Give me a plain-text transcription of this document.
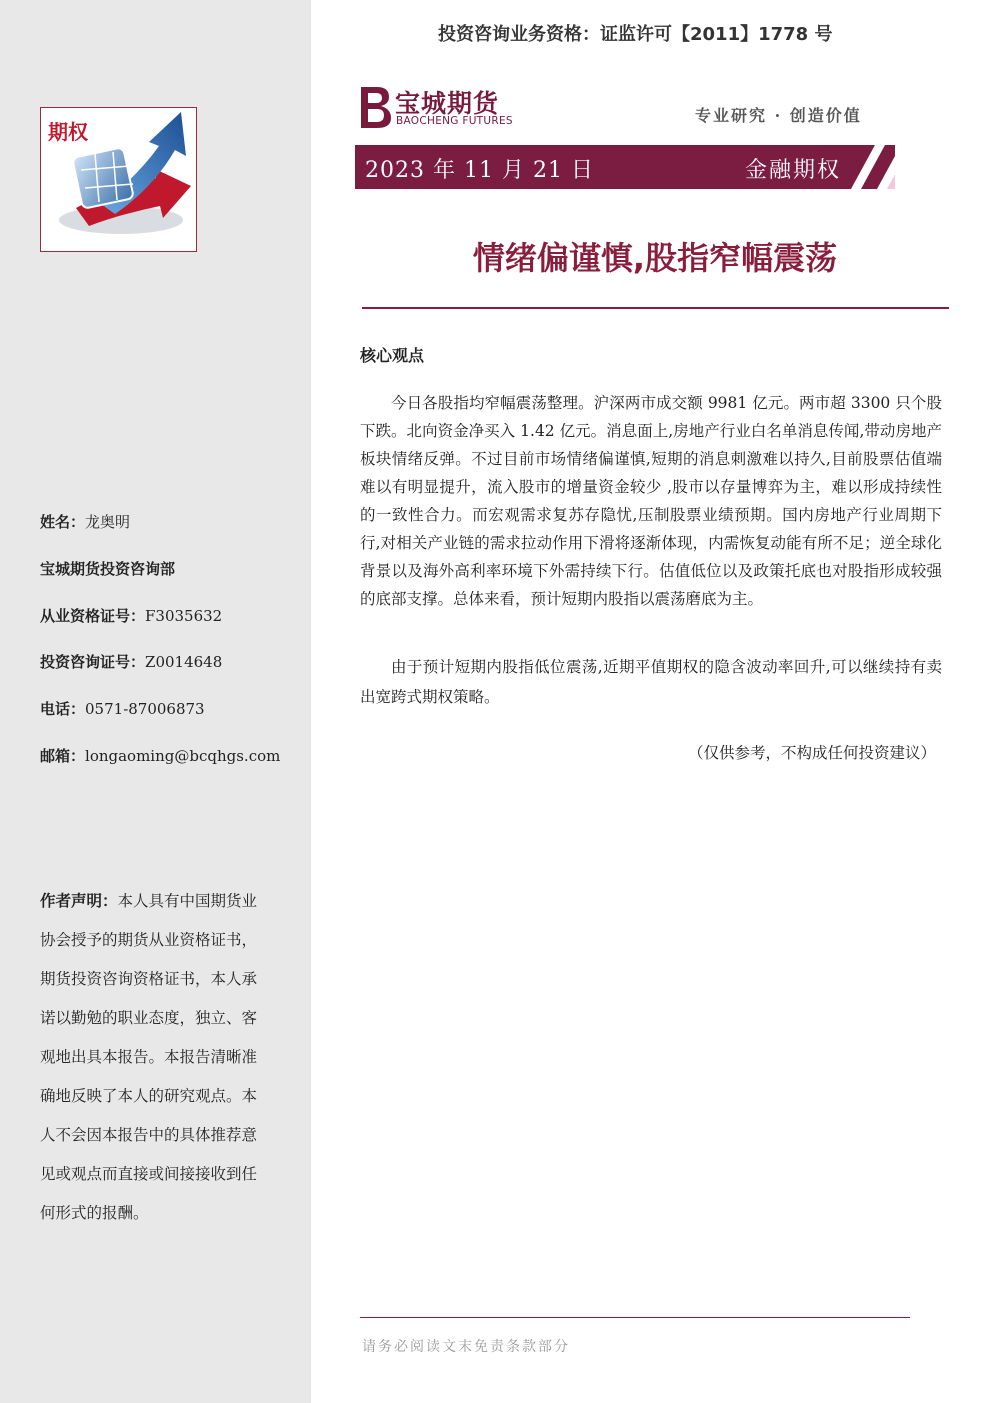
期权
姓名：龙奥明
宝城期货投资咨询部
从业资格证号：F3035632
投资咨询证号：Z0014648
电话：0571-87006873
邮箱：longaoming@bcqhgs.com
作者声明：本人具有中国期货业协会授予的期货从业资格证书，期货投资咨询资格证书，本人承诺以勤勉的职业态度，独立、客观地出具本报告。本报告清晰准确地反映了本人的研究观点。本人不会因本报告中的具体推荐意见或观点而直接或间接接收到任何形式的报酬。
投资咨询业务资格：证监许可【2011】1778 号
宝城期货
BAOCHENG FUTURES	专业研究 · 创造价值
2023 年 11 月 21 日	金融期权
情绪偏谨慎,股指窄幅震荡
核心观点
今日各股指均窄幅震荡整理。沪深两市成交额 9981 亿元。两市超 3300 只个股下跌。北向资金净买入 1.42 亿元。消息面上,房地产行业白名单消息传闻,带动房地产板块情绪反弹。不过目前市场情绪偏谨慎,短期的消息刺激难以持久,目前股票估值端难以有明显提升，流入股市的增量资金较少 ,股市以存量博弈为主，难以形成持续性的一致性合力。而宏观需求复苏存隐忧,压制股票业绩预期。国内房地产行业周期下行,对相关产业链的需求拉动作用下滑将逐渐体现，内需恢复动能有所不足；逆全球化背景以及海外高利率环境下外需持续下行。估值低位以及政策托底也对股指形成较强的底部支撑。总体来看，预计短期内股指以震荡磨底为主。
由于预计短期内股指低位震荡,近期平值期权的隐含波动率回升,可以继续持有卖出宽跨式期权策略。
（仅供参考，不构成任何投资建议）
请务必阅读文末免责条款部分
